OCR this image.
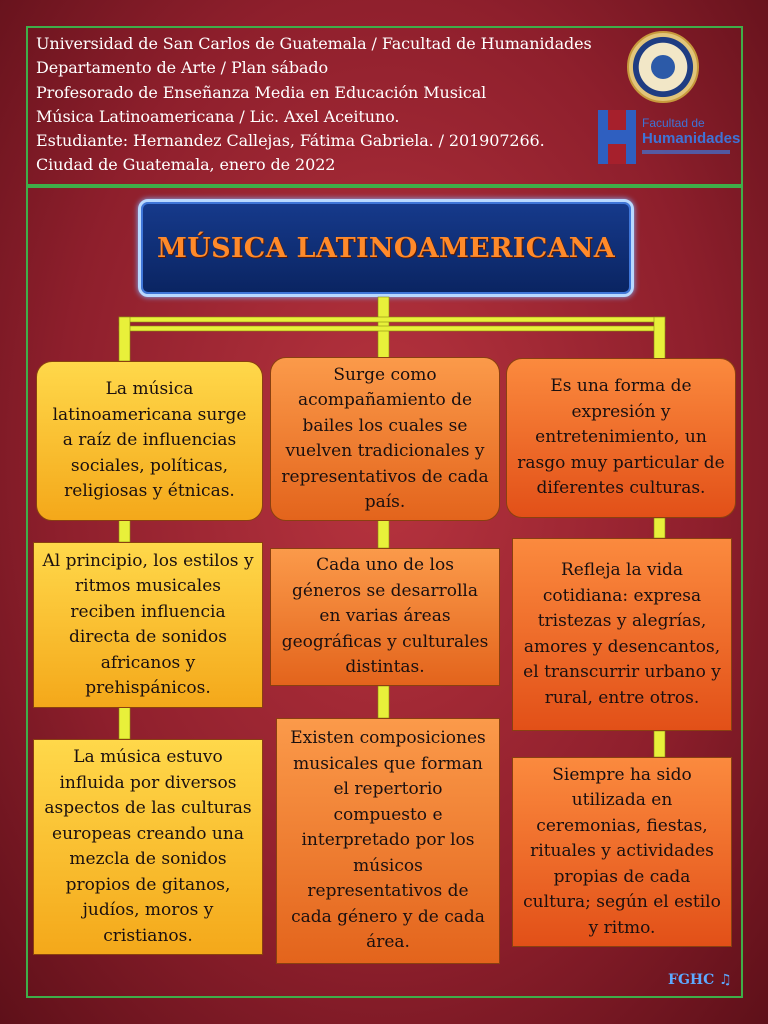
Universidad de San Carlos de Guatemala / Facultad de Humanidades
Departamento de Arte / Plan sábado
Profesorado de Enseñanza Media en Educación Musical
Música Latinoamericana / Lic. Axel Aceituno.
Estudiante: Hernandez Callejas, Fátima Gabriela. / 201907266.
Ciudad de Guatemala, enero de 2022
Facultad de
Humanidades
MÚSICA LATINOAMERICANA
La música latinoamericana surge a raíz de influencias sociales, políticas, religiosas y étnicas.
Al principio, los estilos y ritmos musicales reciben influencia directa de sonidos africanos y prehispánicos.
La música estuvo influida por diversos aspectos de las culturas europeas creando una mezcla de sonidos propios de gitanos, judíos, moros y cristianos.
Surge como acompañamiento de bailes los cuales se vuelven tradicionales y representativos de cada país.
Cada uno de los géneros se desarrolla en varias áreas geográficas y culturales distintas.
Existen composiciones musicales que forman el repertorio compuesto e interpretado por los músicos representativos de cada género y de cada área.
Es una forma de expresión y entretenimiento, un rasgo muy particular de diferentes culturas.
Refleja la vida cotidiana: expresa tristezas y alegrías, amores y desencantos, el transcurrir urbano y rural, entre otros.
Siempre ha sido utilizada en ceremonias, fiestas, rituales y actividades propias de cada cultura; según el estilo y ritmo.
FGHC ♫
